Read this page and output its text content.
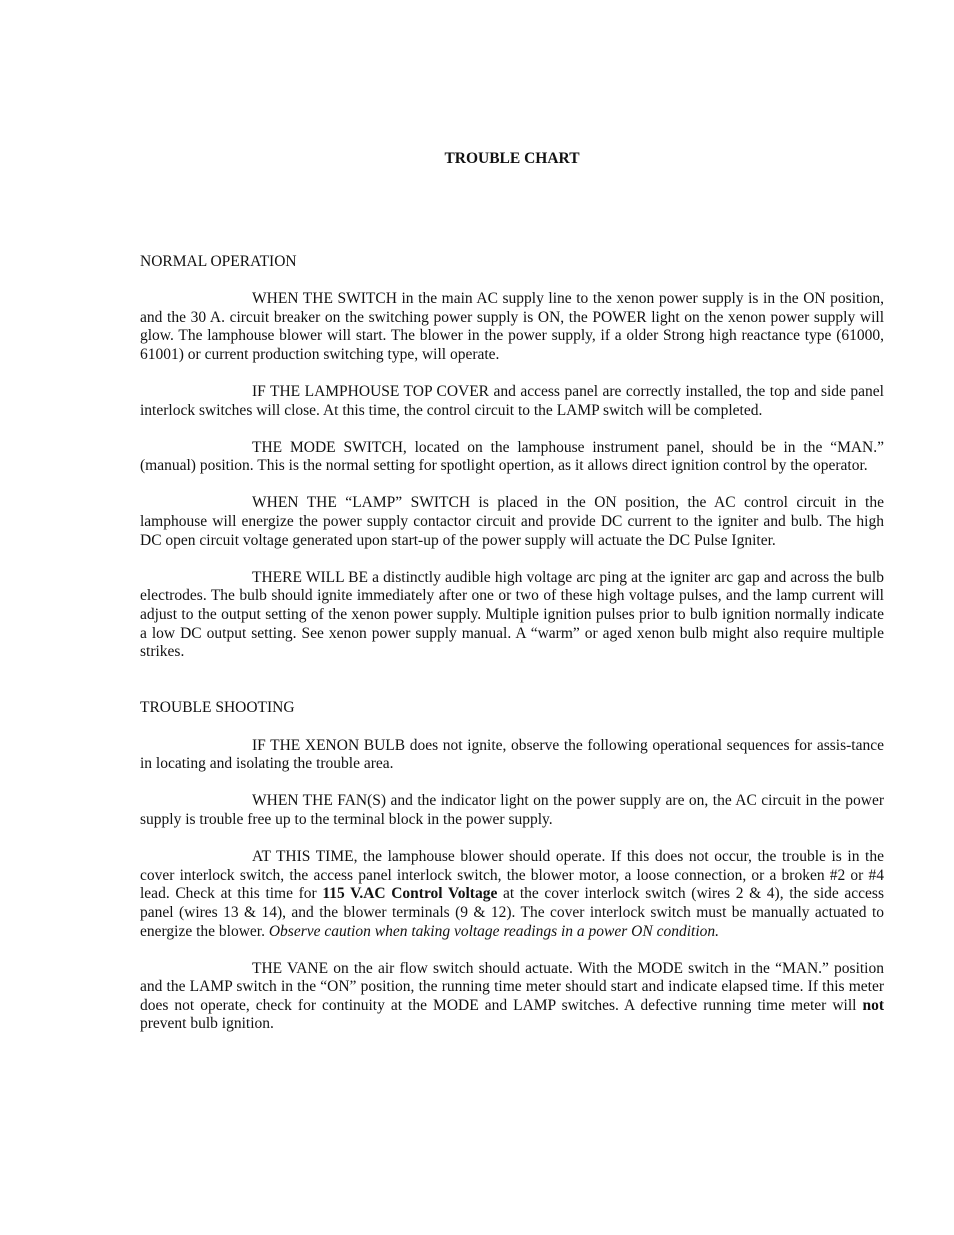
TROUBLE CHART
NORMAL OPERATION

WHEN THE SWITCH in the main AC supply line to the xenon power supply is in the ON position, and the 30 A. circuit breaker on the switching power supply is ON, the POWER light on the xenon power supply will glow. The lamphouse blower will start. The blower in the power supply, if a older Strong high reactance type (61000, 61001) or current production switching type, will operate.

IF THE LAMPHOUSE TOP COVER and access panel are correctly installed, the top and side panel interlock switches will close. At this time, the control circuit to the LAMP switch will be completed.

THE MODE SWITCH, located on the lamphouse instrument panel, should be in the “MAN.” (manual) position. This is the normal setting for spotlight opertion, as it allows direct ignition control by the operator.

WHEN THE “LAMP” SWITCH is placed in the ON position, the AC control circuit in the lamphouse will energize the power supply contactor circuit and provide DC current to the igniter and bulb. The high DC open circuit voltage generated upon start-up of the power supply will actuate the DC Pulse Igniter.

THERE WILL BE a distinctly audible high voltage arc ping at the igniter arc gap and across the bulb electrodes. The bulb should ignite immediately after one or two of these high voltage pulses, and the lamp current will adjust to the output setting of the xenon power supply. Multiple ignition pulses prior to bulb ignition normally indicate a low DC output setting. See xenon power supply manual. A “warm” or aged xenon bulb might also require multiple strikes.

TROUBLE SHOOTING

IF THE XENON BULB does not ignite, observe the following operational sequences for assis-tance in locating and isolating the trouble area.

WHEN THE FAN(S) and the indicator light on the power supply are on, the AC circuit in the power supply is trouble free up to the terminal block in the power supply.

AT THIS TIME, the lamphouse blower should operate. If this does not occur, the trouble is in the cover interlock switch, the access panel interlock switch, the blower motor, a loose connection, or a broken #2 or #4 lead. Check at this time for 115 V.AC Control Voltage at the cover interlock switch (wires 2 & 4), the side access panel (wires 13 & 14), and the blower terminals (9 & 12). The cover interlock switch must be manually actuated to energize the blower. Observe caution when taking voltage readings in a power ON condition.

THE VANE on the air flow switch should actuate. With the MODE switch in the “MAN.” position and the LAMP switch in the “ON” position, the running time meter should start and indicate elapsed time. If this meter does not operate, check for continuity at the MODE and LAMP switches. A defective running time meter will not prevent bulb ignition.
